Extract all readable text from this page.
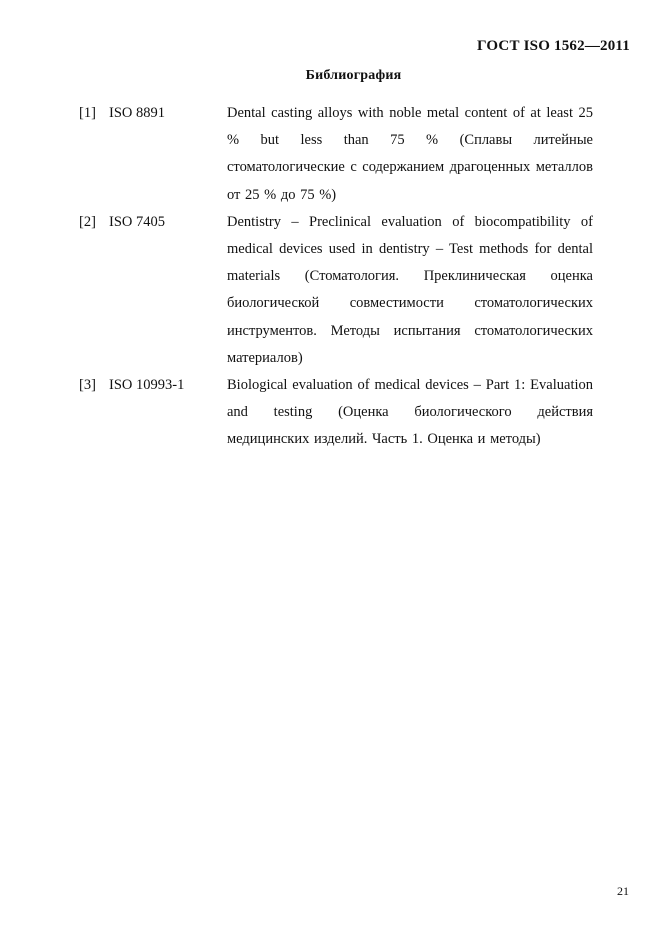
ГОСТ ISO 1562—2011
Библиография
[1] ISO 8891	Dental casting alloys with noble metal content of at least 25 % but less than 75 % (Сплавы литейные стоматологические с содержанием драгоценных металлов от 25 % до 75 %)
[2] ISO 7405	Dentistry – Preclinical evaluation of biocompatibility of medical devices used in dentistry – Test methods for dental materials (Стоматология. Преклиническая оценка биологической совместимости стоматологических инструментов. Методы испытания стоматологических материалов)
[3] ISO 10993-1	Biological evaluation of medical devices – Part 1: Evaluation and testing (Оценка биологического действия медицинских изделий. Часть 1. Оценка и методы)
21
